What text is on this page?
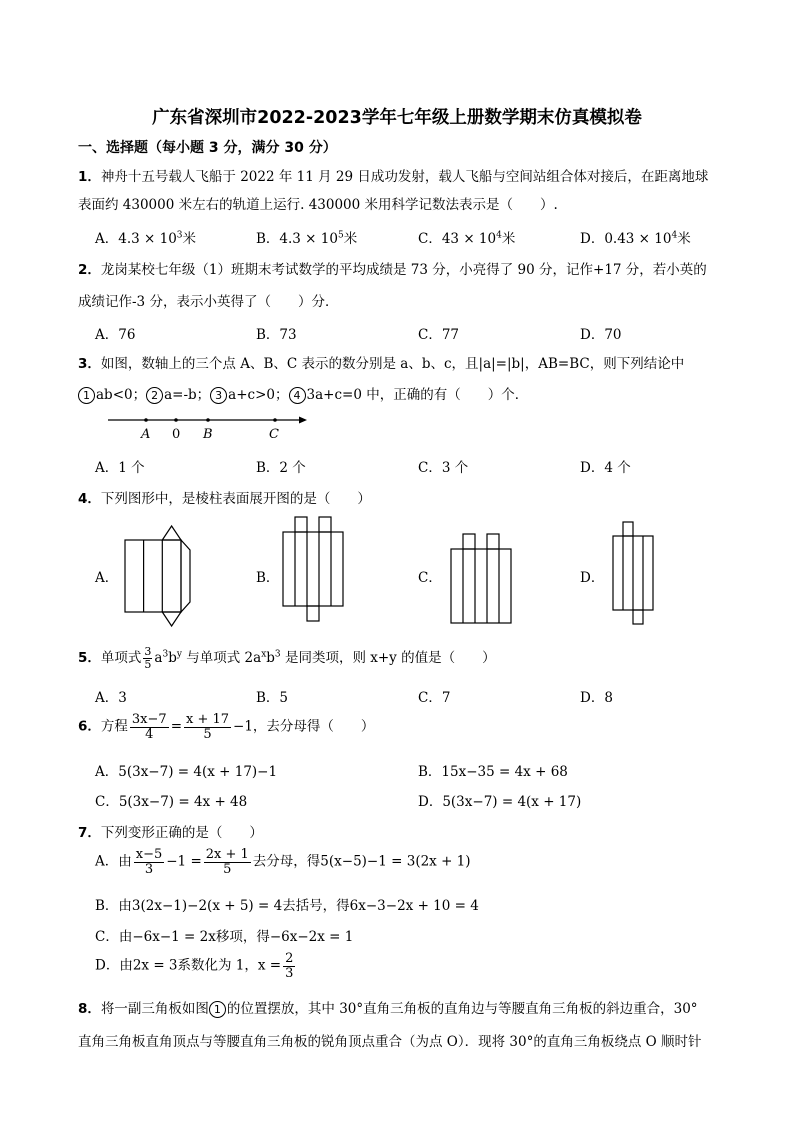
广东省深圳市2022-2023学年七年级上册数学期末仿真模拟卷
一、选择题（每小题 3 分，满分 30 分）
1．神舟十五号载人飞船于 2022 年 11 月 29 日成功发射，载人飞船与空间站组合体对接后，在距离地球
表面约 430000 米左右的轨道上运行. 430000 米用科学记数法表示是（　　）.
A．$4.3 \times 10^3$米	B．$4.3 \times 10^5$米	C．$43 \times 10^4$米	D．$0.43 \times 10^4$米
2．龙岗某校七年级（1）班期末考试数学的平均成绩是 73 分，小亮得了 90 分，记作+17 分，若小英的
成绩记作-3 分，表示小英得了（　　）分．
A．76	B．73	C．77	D．70
3．如图，数轴上的三个点 A、B、C 表示的数分别是 a、b、c，且|a|=|b|，AB=BC，则下列结论中
1 ab<0； 2 a=-b； 3 a+c>0； 4 3a+c=0 中，正确的有（　　）个．
A 0 B	C
A．1 个	B．2 个	C．3 个	D．4 个
4．下列图形中，是棱柱表面展开图的是（　　）
A．	B．	C．	D．
5．单项式 $\frac{3}{5} a^3b^y$ 与单项式 $2a^xb^3$ 是同类项，则 x+y 的值是（　　）
A．3	B．5	C．7	D．8
6．方程 $\frac{3x-7}{4} = \frac{x + 17}{5} -1$，去分母得（　　）
A．5(3x−7) = 4(x + 17)−1	B．15x−35 = 4x + 68
C．5(3x−7) = 4x + 48	D．5(3x−7) = 4(x + 17)
7．下列变形正确的是（　　）
A．由 $\frac{x-5}{3} -1 = \frac{2x + 1}{5}$ 去分母，得5(x−5)−1 = 3(2x + 1)
B．由3(2x−1)−2(x + 5) = 4去括号，得6x−3−2x + 10 = 4
C．由−6x−1 = 2x移项，得−6x−2x = 1
D．由2x = 3系数化为 1，$x = \frac{2}{3}$
8．将一副三角板如图 1 的位置摆放，其中 30°直角三角板的直角边与等腰直角三角板的斜边重合，30°
直角三角板直角顶点与等腰直角三角板的锐角顶点重合（为点 O）．现将 30°的直角三角板绕点 O 顺时针
